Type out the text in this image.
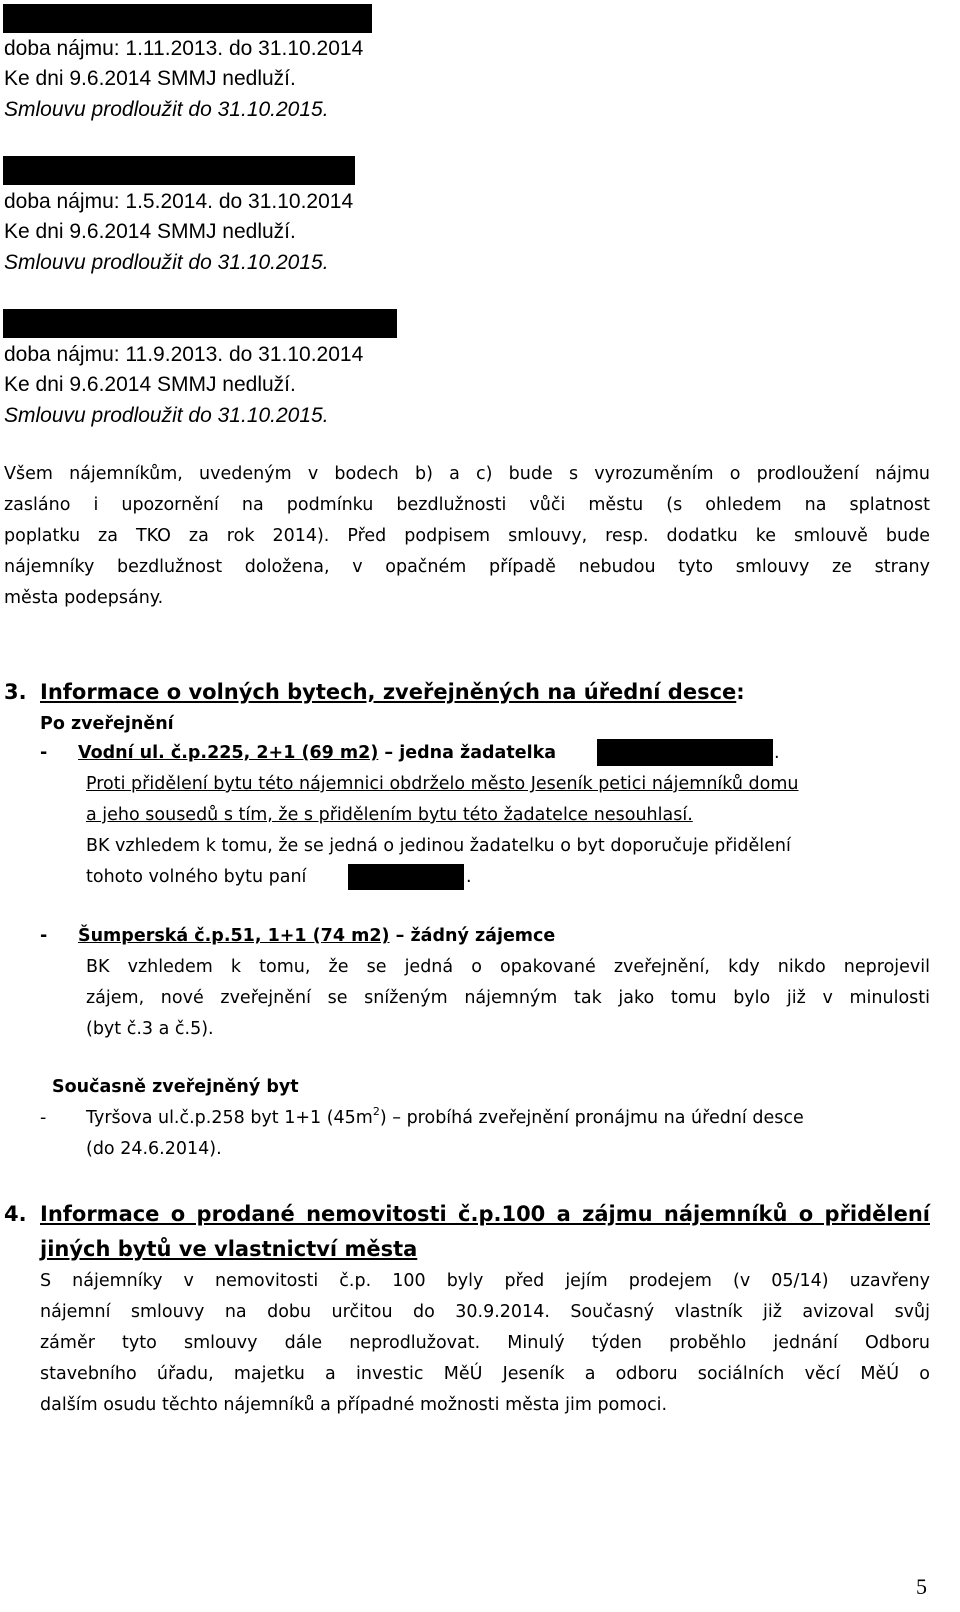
doba nájmu: 1.11.2013. do 31.10.2014
Ke dni 9.6.2014 SMMJ nedluží.
Smlouvu prodloužit do 31.10.2015.
doba nájmu: 1.5.2014. do 31.10.2014
Ke dni 9.6.2014 SMMJ nedluží.
Smlouvu prodloužit do 31.10.2015.
doba nájmu: 11.9.2013. do 31.10.2014
Ke dni 9.6.2014 SMMJ nedluží.
Smlouvu prodloužit do 31.10.2015.
Všem nájemníkům, uvedeným v bodech b) a c) bude s vyrozuměním o prodloužení nájmu
zasláno i upozornění na podmínku bezdlužnosti vůči městu (s ohledem na splatnost
poplatku za TKO za rok 2014). Před podpisem smlouvy, resp. dodatku ke smlouvě bude
nájemníky bezdlužnost doložena, v opačném případě nebudou tyto smlouvy ze strany
města podepsány.
3. Informace o volných bytech, zveřejněných na úřední desce:
Po zveřejnění
- Vodní ul. č.p.225, 2+1 (69 m2) – jedna žadatelka	.
Proti přidělení bytu této nájemnici obdrželo město Jeseník petici nájemníků domu
a jeho sousedů s tím, že s přidělením bytu této žadatelce nesouhlasí.
BK vzhledem k tomu, že se jedná o jedinou žadatelku o byt doporučuje přidělení
tohoto volného bytu paní	.
- Šumperská č.p.51, 1+1 (74 m2) – žádný zájemce
BK vzhledem k tomu, že se jedná o opakované zveřejnění, kdy nikdo neprojevil
zájem, nové zveřejnění se sníženým nájemným tak jako tomu bylo již v minulosti
(byt č.3 a č.5).
Současně zveřejněný byt
- Tyršova ul.č.p.258 byt 1+1 $(45m^2)$ – probíhá zveřejnění pronájmu na úřední desce
(do 24.6.2014).
4. Informace o prodané nemovitosti č.p.100 a zájmu nájemníků o přidělení
jiných bytů ve vlastnictví města
S nájemníky v nemovitosti č.p. 100 byly před jejím prodejem (v 05/14) uzavřeny
nájemní smlouvy na dobu určitou do 30.9.2014. Současný vlastník již avizoval svůj
záměr tyto smlouvy dále neprodlužovat. Minulý týden proběhlo jednání Odboru
stavebního úřadu, majetku a investic MěÚ Jeseník a odboru sociálních věcí MěÚ o
dalším osudu těchto nájemníků a případné možnosti města jim pomoci.
5
